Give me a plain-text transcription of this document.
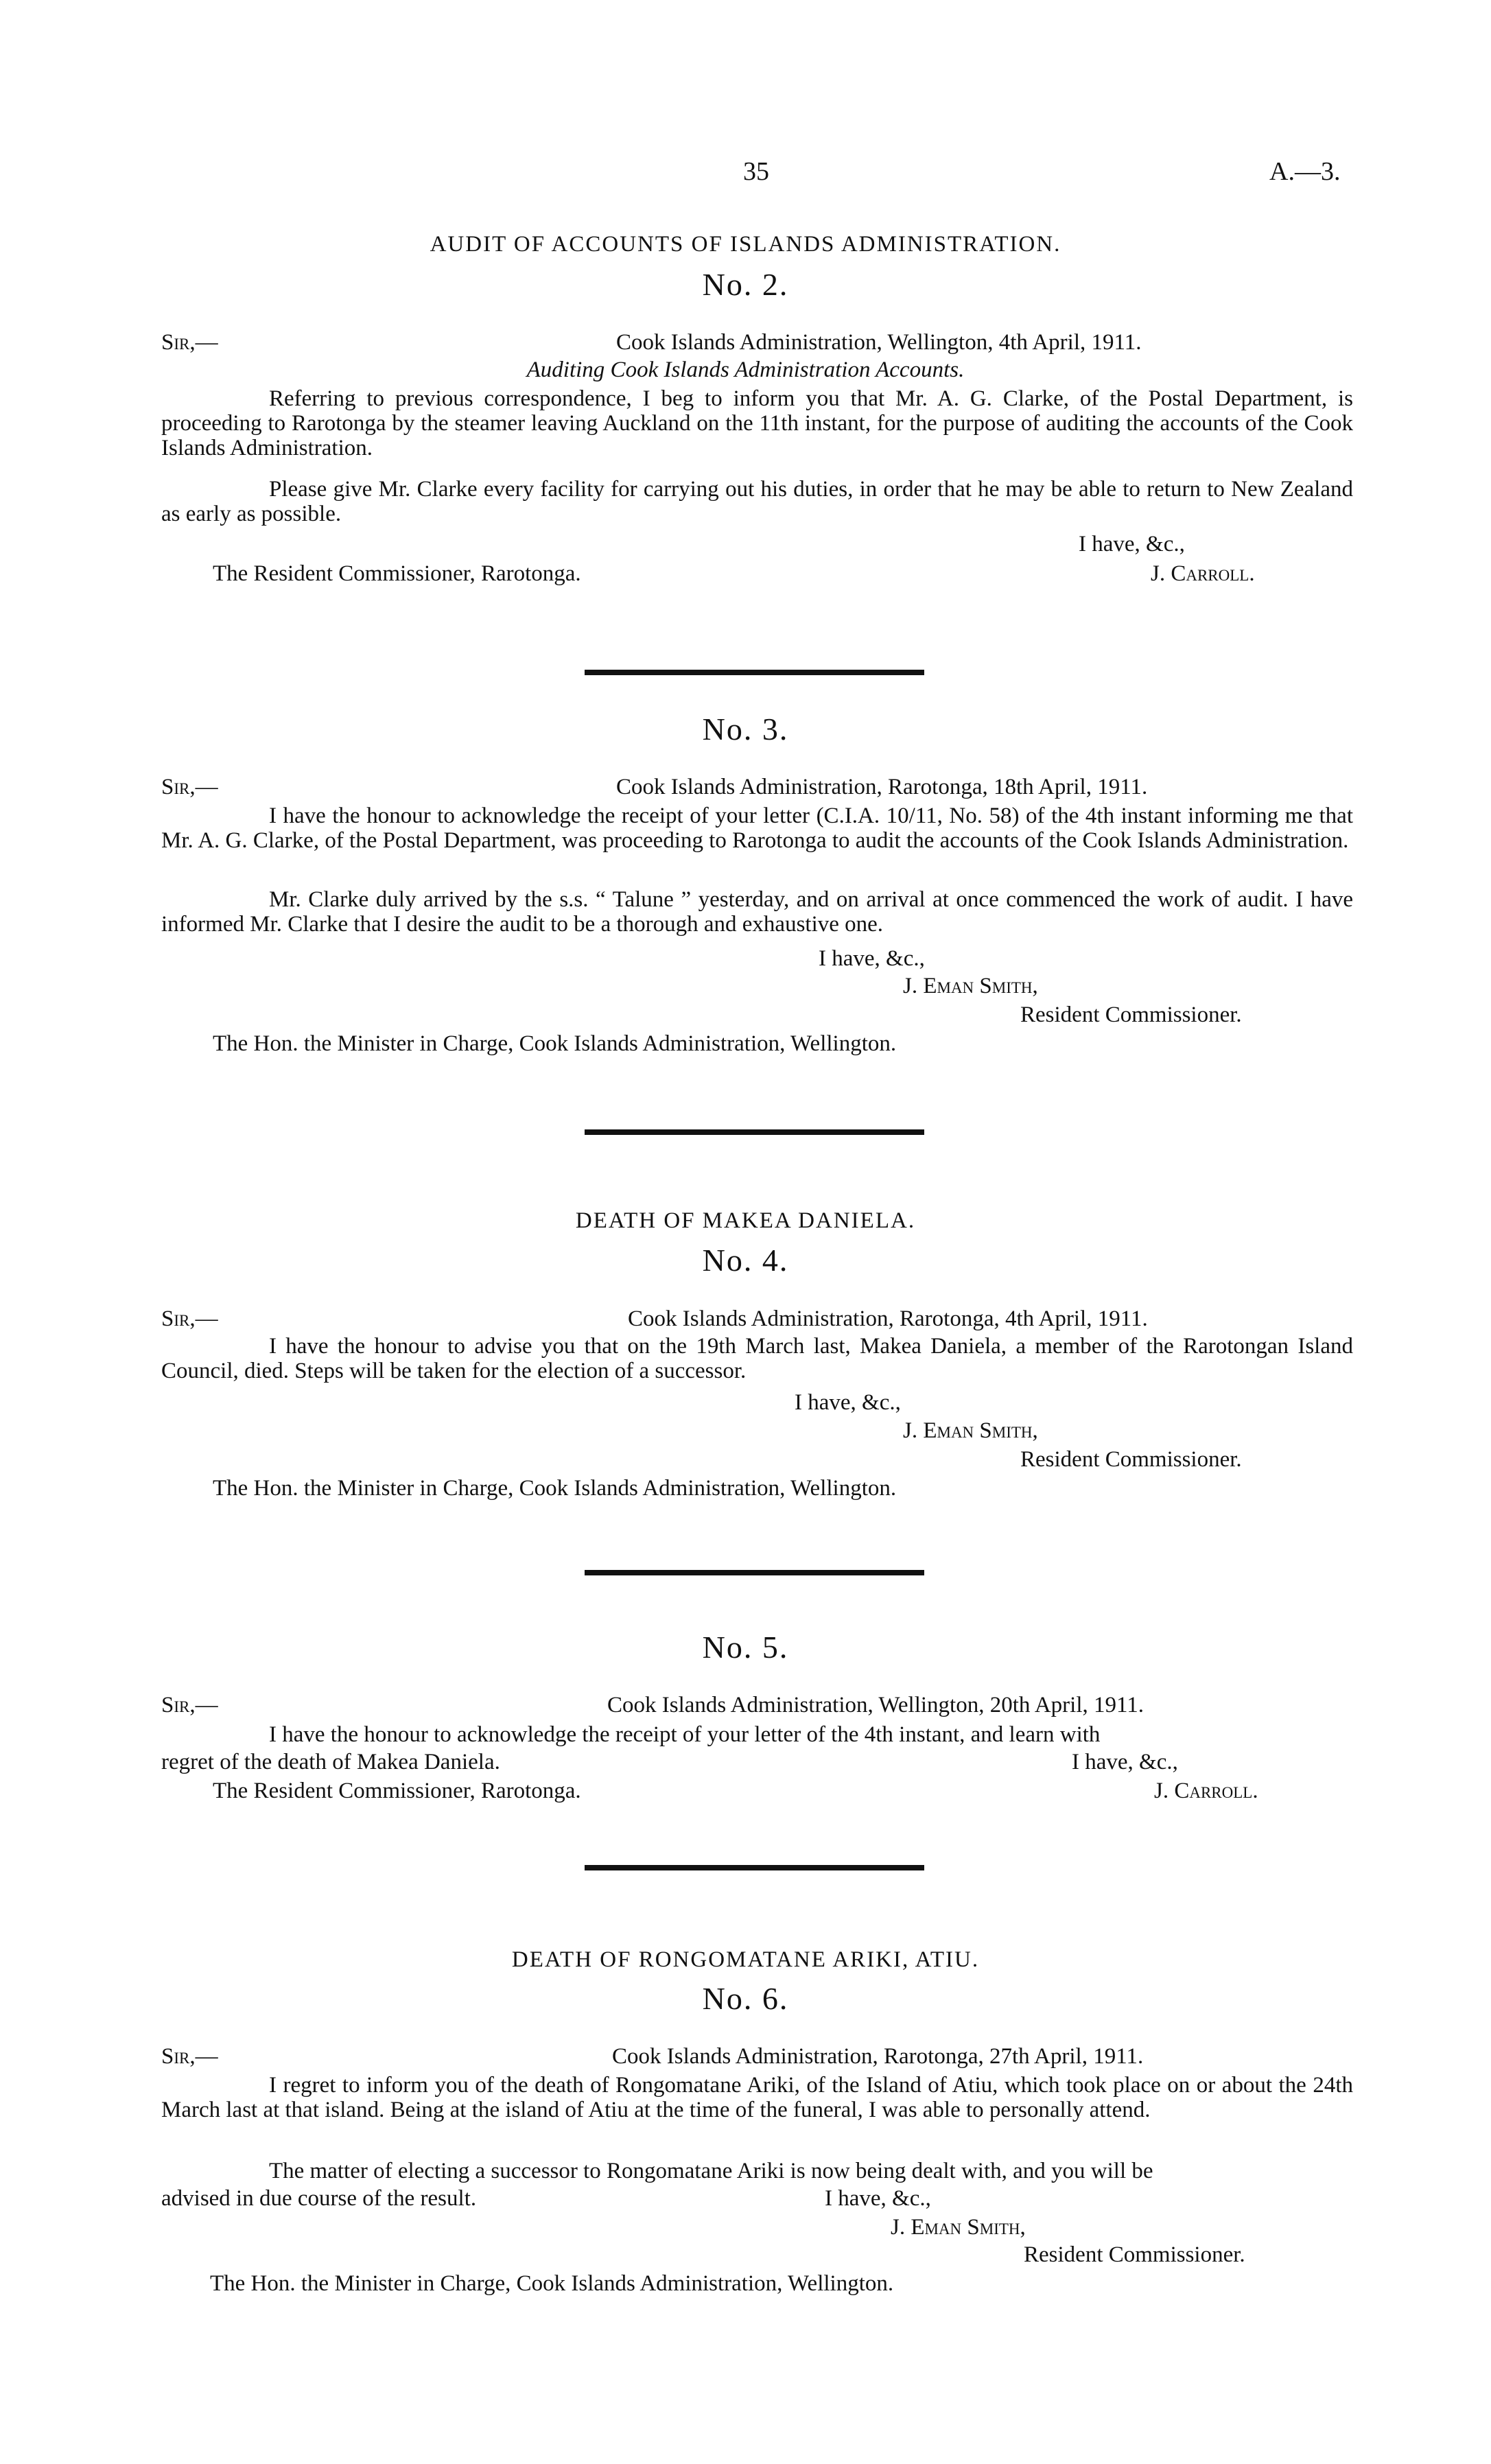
35	A.—3.
AUDIT OF ACCOUNTS OF ISLANDS ADMINISTRATION.
No. 2.
Sir,—	Cook Islands Administration, Wellington, 4th April, 1911.
Auditing Cook Islands Administration Accounts.
Referring to previous correspondence, I beg to inform you that Mr. A. G. Clarke, of the Postal Department, is proceeding to Rarotonga by the steamer leaving Auckland on the 11th instant, for the purpose of auditing the accounts of the Cook Islands Administration.
Please give Mr. Clarke every facility for carrying out his duties, in order that he may be able to return to New Zealand as early as possible.
I have, &c.,
The Resident Commissioner, Rarotonga.	J. Carroll.
No. 3.
Sir,—	Cook Islands Administration, Rarotonga, 18th April, 1911.
I have the honour to acknowledge the receipt of your letter (C.I.A. 10/11, No. 58) of the 4th instant informing me that Mr. A. G. Clarke, of the Postal Department, was proceeding to Rarotonga to audit the accounts of the Cook Islands Administration.
Mr. Clarke duly arrived by the s.s. “ Talune ” yesterday, and on arrival at once commenced the work of audit. I have informed Mr. Clarke that I desire the audit to be a thorough and exhaustive one.
I have, &c.,
J. Eman Smith,
Resident Commissioner.
The Hon. the Minister in Charge, Cook Islands Administration, Wellington.
DEATH OF MAKEA DANIELA.
No. 4.
Sir,—	Cook Islands Administration, Rarotonga, 4th April, 1911.
I have the honour to advise you that on the 19th March last, Makea Daniela, a member of the Rarotongan Island Council, died. Steps will be taken for the election of a successor.
I have, &c.,
J. Eman Smith,
Resident Commissioner.
The Hon. the Minister in Charge, Cook Islands Administration, Wellington.
No. 5.
Sir,—	Cook Islands Administration, Wellington, 20th April, 1911.
I have the honour to acknowledge the receipt of your letter of the 4th instant, and learn with
regret of the death of Makea Daniela.	I have, &c.,
The Resident Commissioner, Rarotonga.	J. Carroll.
DEATH OF RONGOMATANE ARIKI, ATIU.
No. 6.
Sir,—	Cook Islands Administration, Rarotonga, 27th April, 1911.
I regret to inform you of the death of Rongomatane Ariki, of the Island of Atiu, which took place on or about the 24th March last at that island. Being at the island of Atiu at the time of the funeral, I was able to personally attend.
The matter of electing a successor to Rongomatane Ariki is now being dealt with, and you will be
advised in due course of the result.	I have, &c.,
J. Eman Smith,
Resident Commissioner.
The Hon. the Minister in Charge, Cook Islands Administration, Wellington.
